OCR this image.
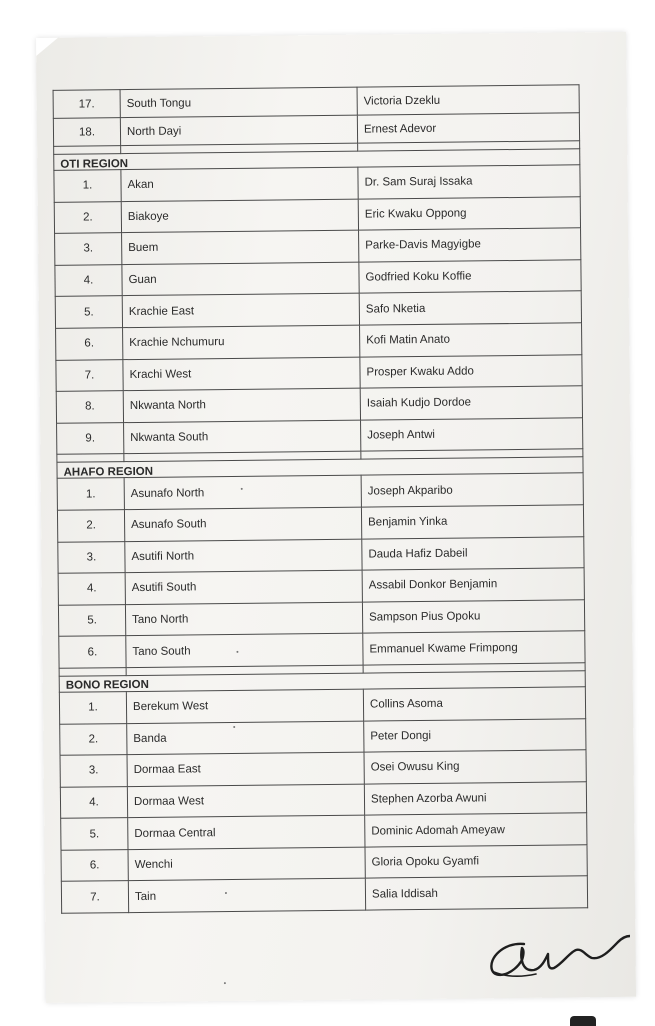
17.	South Tongu	Victoria Dzeklu
18.	North Dayi	Ernest Adevor

OTI REGION		
1.	Akan	Dr. Sam Suraj Issaka
2.	Biakoye	Eric Kwaku Oppong
3.	Buem	Parke-Davis Magyigbe
4.	Guan	Godfried Koku Koffie
5.	Krachie East	Safo Nketia
6.	Krachie Nchumuru	Kofi Matin Anato
7.	Krachi West	Prosper Kwaku Addo
8.	Nkwanta North	Isaiah Kudjo Dordoe
9.	Nkwanta South	Joseph Antwi

AHAFO REGION		
1.	Asunafo North	Joseph Akparibo
2.	Asunafo South	Benjamin Yinka
3.	Asutifi North	Dauda Hafiz Dabeil
4.	Asutifi South	Assabil Donkor Benjamin
5.	Tano North	Sampson Pius Opoku
6.	Tano South	Emmanuel Kwame Frimpong

BONO REGION		
1.	Berekum West	Collins Asoma
2.	Banda	Peter Dongi
3.	Dormaa East	Osei Owusu King
4.	Dormaa West	Stephen Azorba Awuni
5.	Dormaa Central	Dominic Adomah Ameyaw
6.	Wenchi	Gloria Opoku Gyamfi
7.	Tain	Salia Iddisah
